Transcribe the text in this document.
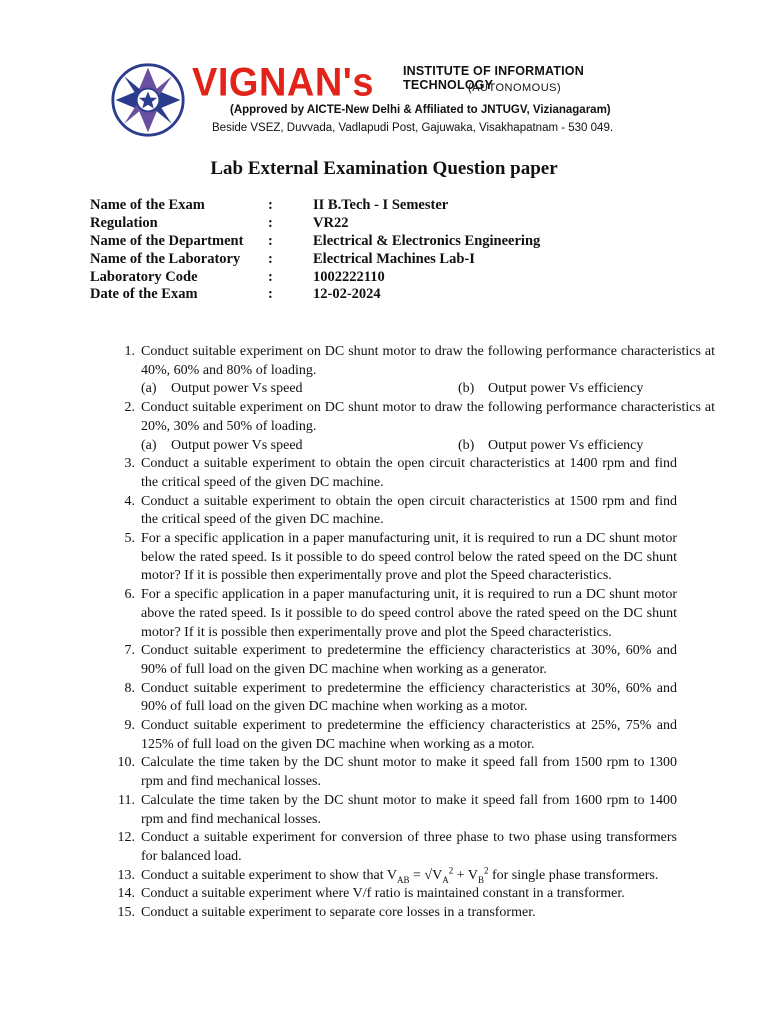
VIGNAN's INSTITUTE OF INFORMATION TECHNOLOGY
(AUTONOMOUS)
(Approved by AICTE-New Delhi & Affiliated to JNTUGV, Vizianagaram)
Beside VSEZ, Duvvada, Vadlapudi Post, Gajuwaka, Visakhapatnam - 530 049.
Lab External Examination Question paper
Name of the Exam	:	II B.Tech - I Semester
Regulation	:	VR22
Name of the Department	:	Electrical & Electronics Engineering
Name of the Laboratory	:	Electrical Machines Lab-I
Laboratory Code	:	1002222110
Date of the Exam	:	12-02-2024
1. Conduct suitable experiment on DC shunt motor to draw the following performance characteristics at 40%, 60% and 80% of loading.
(a)	Output power Vs speed	(b) Output power Vs efficiency
2. Conduct suitable experiment on DC shunt motor to draw the following performance characteristics at 20%, 30% and 50% of loading.
(a)	Output power Vs speed	(b) Output power Vs efficiency
3. Conduct a suitable experiment to obtain the open circuit characteristics at 1400 rpm and find the critical speed of the given DC machine.
4. Conduct a suitable experiment to obtain the open circuit characteristics at 1500 rpm and find the critical speed of the given DC machine.
5. For a specific application in a paper manufacturing unit, it is required to run a DC shunt motor below the rated speed. Is it possible to do speed control below the rated speed on the DC shunt motor? If it is possible then experimentally prove and plot the Speed characteristics.
6. For a specific application in a paper manufacturing unit, it is required to run a DC shunt motor above the rated speed. Is it possible to do speed control above the rated speed on the DC shunt motor? If it is possible then experimentally prove and plot the Speed characteristics.
7. Conduct suitable experiment to predetermine the efficiency characteristics at 30%, 60% and 90% of full load on the given DC machine when working as a generator.
8. Conduct suitable experiment to predetermine the efficiency characteristics at 30%, 60% and 90% of full load on the given DC machine when working as a motor.
9. Conduct suitable experiment to predetermine the efficiency characteristics at 25%, 75% and 125% of full load on the given DC machine when working as a motor.
10. Calculate the time taken by the DC shunt motor to make it speed fall from 1500 rpm to 1300 rpm and find mechanical losses.
11. Calculate the time taken by the DC shunt motor to make it speed fall from 1600 rpm to 1400 rpm and find mechanical losses.
12. Conduct a suitable experiment for conversion of three phase to two phase using transformers for balanced load.
13. Conduct a suitable experiment to show that $V_{AB} = √V_A^2 + V_B^2$ for single phase transformers.
14. Conduct a suitable experiment where V/f ratio is maintained constant in a transformer.
15. Conduct a suitable experiment to separate core losses in a transformer.
